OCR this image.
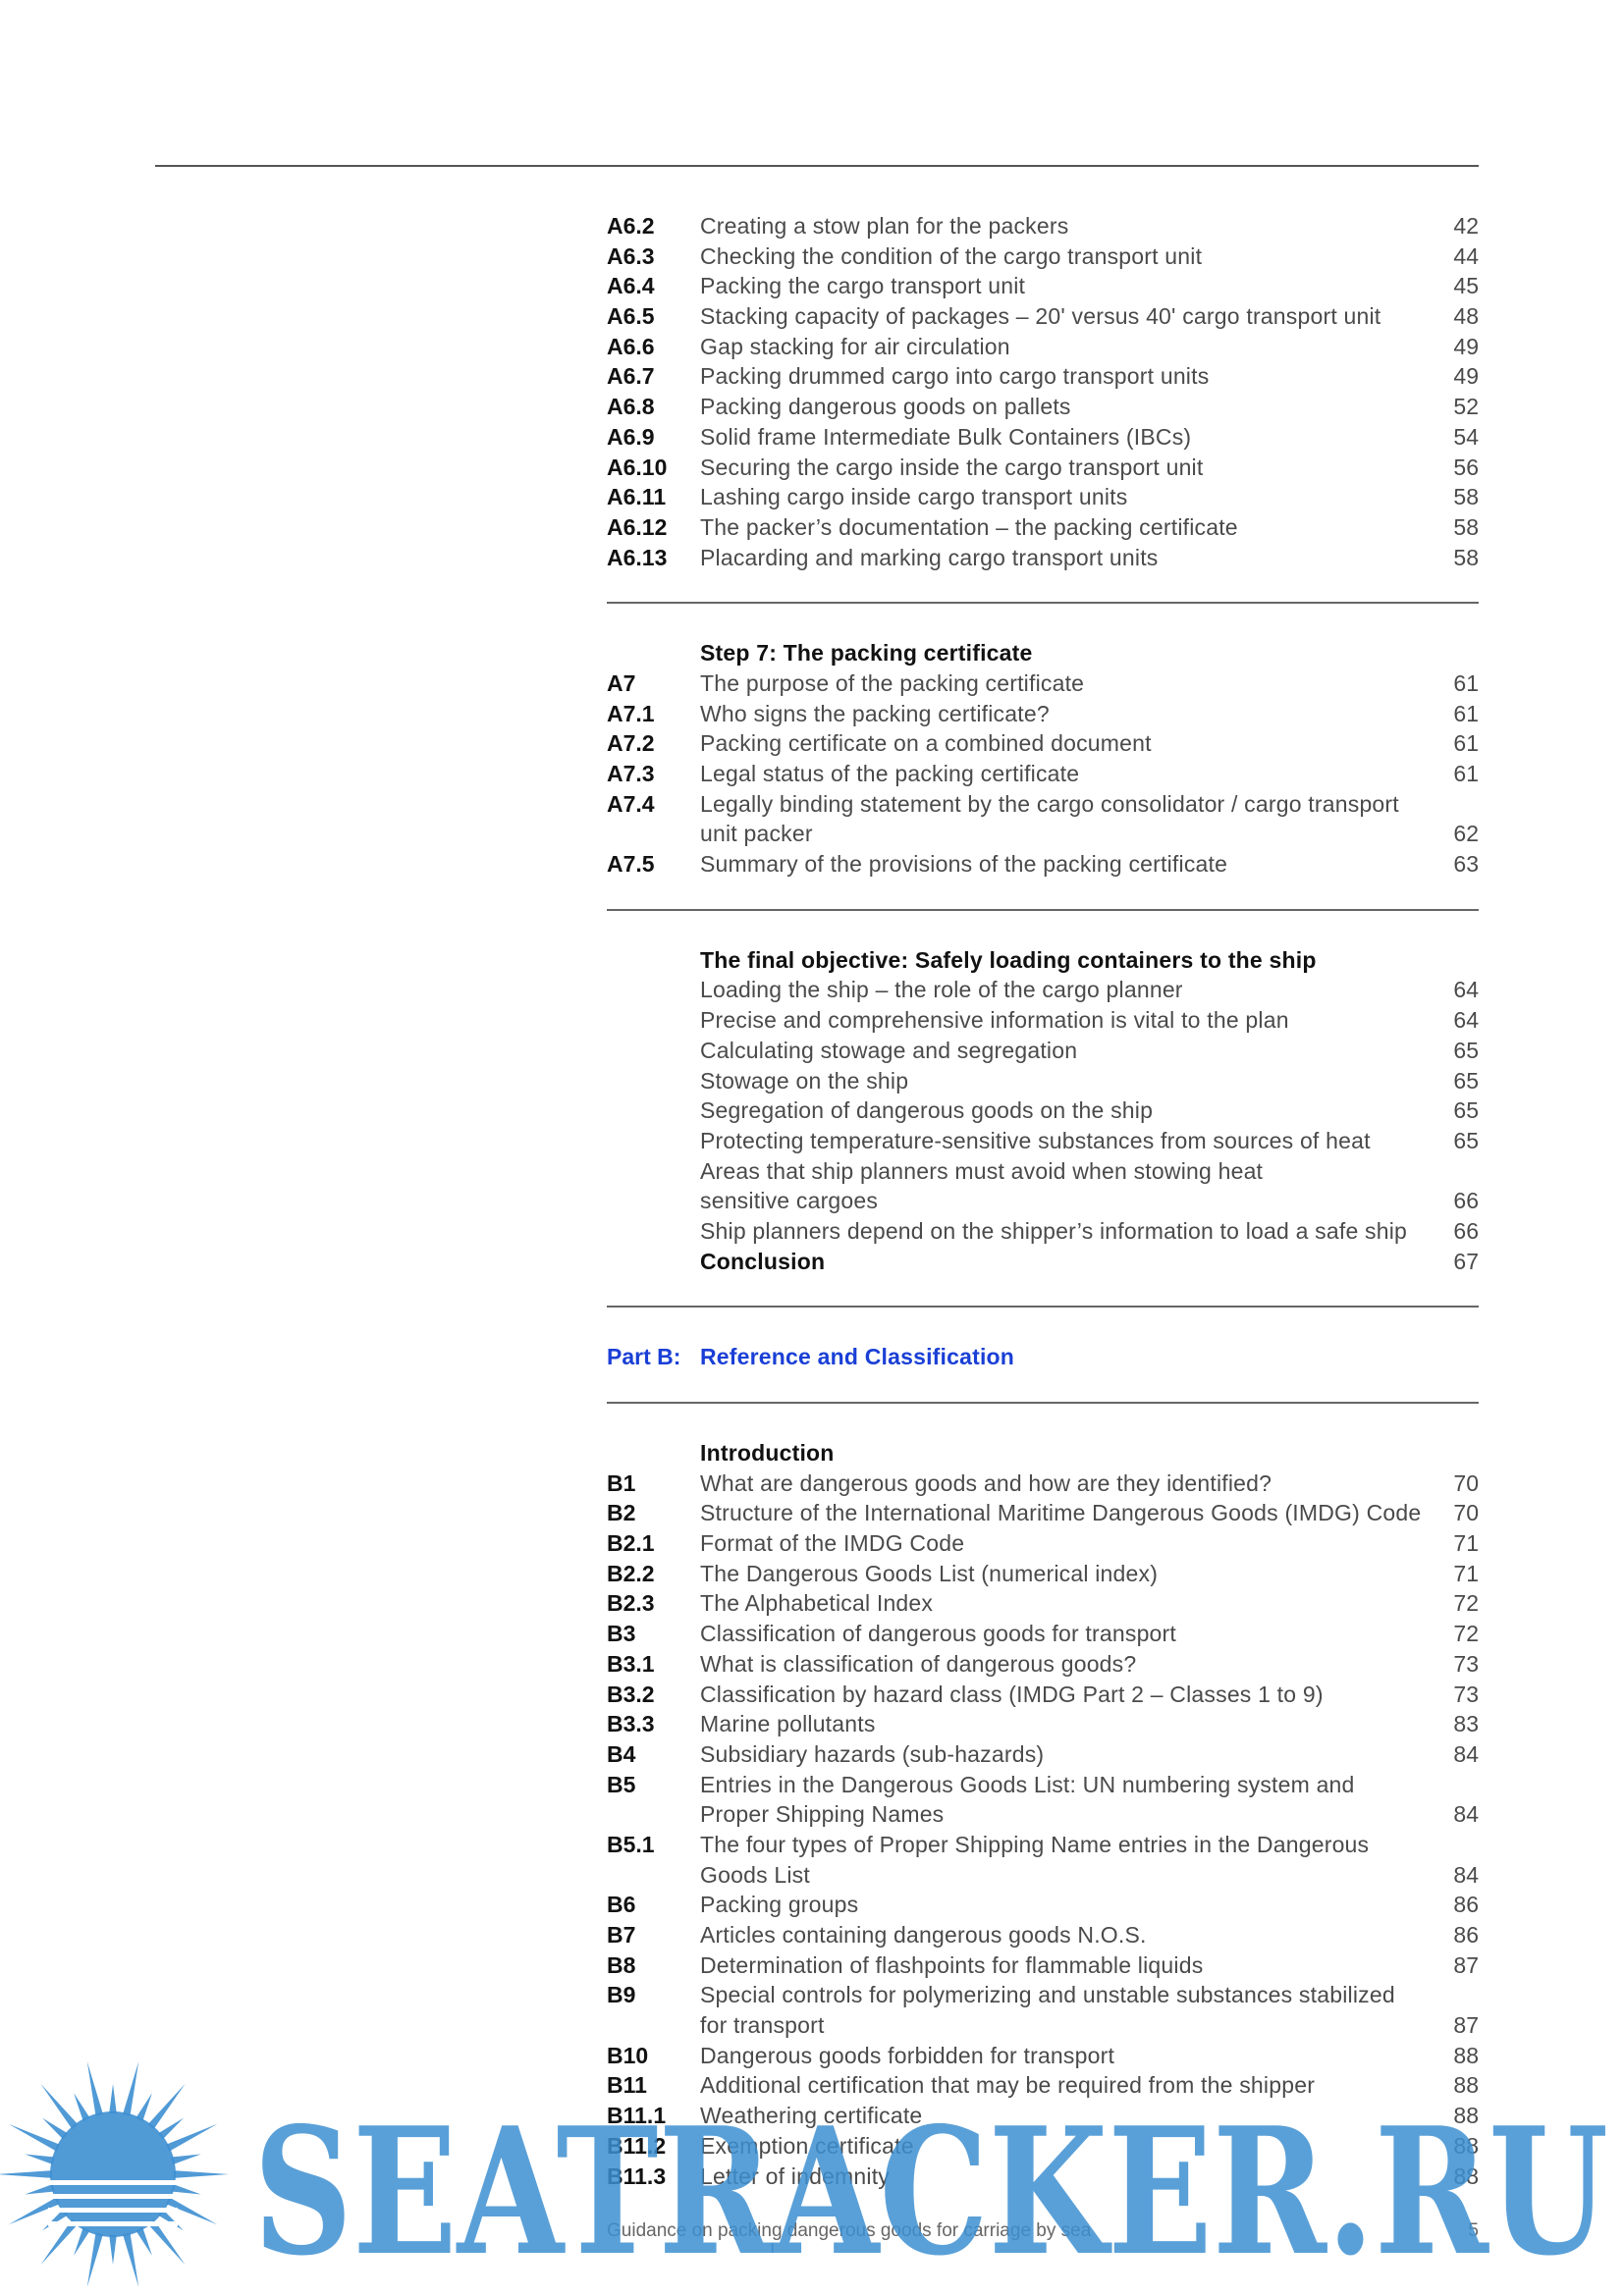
A6.2 Creating a stow plan for the packers	42
A6.3 Checking the condition of the cargo transport unit	44
A6.4 Packing the cargo transport unit	45
A6.5 Stacking capacity of packages – 20' versus 40' cargo transport unit	48
A6.6 Gap stacking for air circulation	49
A6.7 Packing drummed cargo into cargo transport units	49
A6.8 Packing dangerous goods on pallets	52
A6.9 Solid frame Intermediate Bulk Containers (IBCs)	54
A6.10 Securing the cargo inside the cargo transport unit	56
A6.11 Lashing cargo inside cargo transport units	58
A6.12 The packer’s documentation – the packing certificate	58
A6.13 Placarding and marking cargo transport units	58
Step 7: The packing certificate
A7	The purpose of the packing certificate	61
A7.1 Who signs the packing certificate?	61
A7.2 Packing certificate on a combined document	61
A7.3 Legal status of the packing certificate	61
A7.4 Legally binding statement by the cargo consolidator / cargo transport
unit packer	62
A7.5 Summary of the provisions of the packing certificate	63
The final objective: Safely loading containers to the ship
Loading the ship – the role of the cargo planner	64
Precise and comprehensive information is vital to the plan	64
Calculating stowage and segregation	65
Stowage on the ship	65
Segregation of dangerous goods on the ship	65
Protecting temperature-sensitive substances from sources of heat	65
Areas that ship planners must avoid when stowing heat
sensitive cargoes	66
Ship planners depend on the shipper’s information to load a safe ship 66
Conclusion	67
Part B: Reference and Classification
Introduction
B1	What are dangerous goods and how are they identified?	70
B2	Structure of the International Maritime Dangerous Goods (IMDG) Code 70
B2.1 Format of the IMDG Code	71
B2.2 The Dangerous Goods List (numerical index)	71
B2.3 The Alphabetical Index	72
B3	Classification of dangerous goods for transport	72
B3.1 What is classification of dangerous goods?	73
B3.2 Classification by hazard class (IMDG Part 2 – Classes 1 to 9)	73
B3.3 Marine pollutants	83
B4	Subsidiary hazards (sub-hazards)	84
B5	Entries in the Dangerous Goods List: UN numbering system and
Proper Shipping Names	84
B5.1 The four types of Proper Shipping Name entries in the Dangerous
Goods List	84
B6	Packing groups	86
B7	Articles containing dangerous goods N.O.S.	86
B8	Determination of flashpoints for flammable liquids	87
B9	Special controls for polymerizing and unstable substances stabilized
for transport	87
B10 Dangerous goods forbidden for transport	88
B11 Additional certification that may be required from the shipper	88
B11.1 Weathering certificate	88
B11.2 Exemption certificate	88
B11.3 Letter of indemnity	88
Guidance on packing dangerous goods for carriage by sea	5
SEATRACKER.RU
